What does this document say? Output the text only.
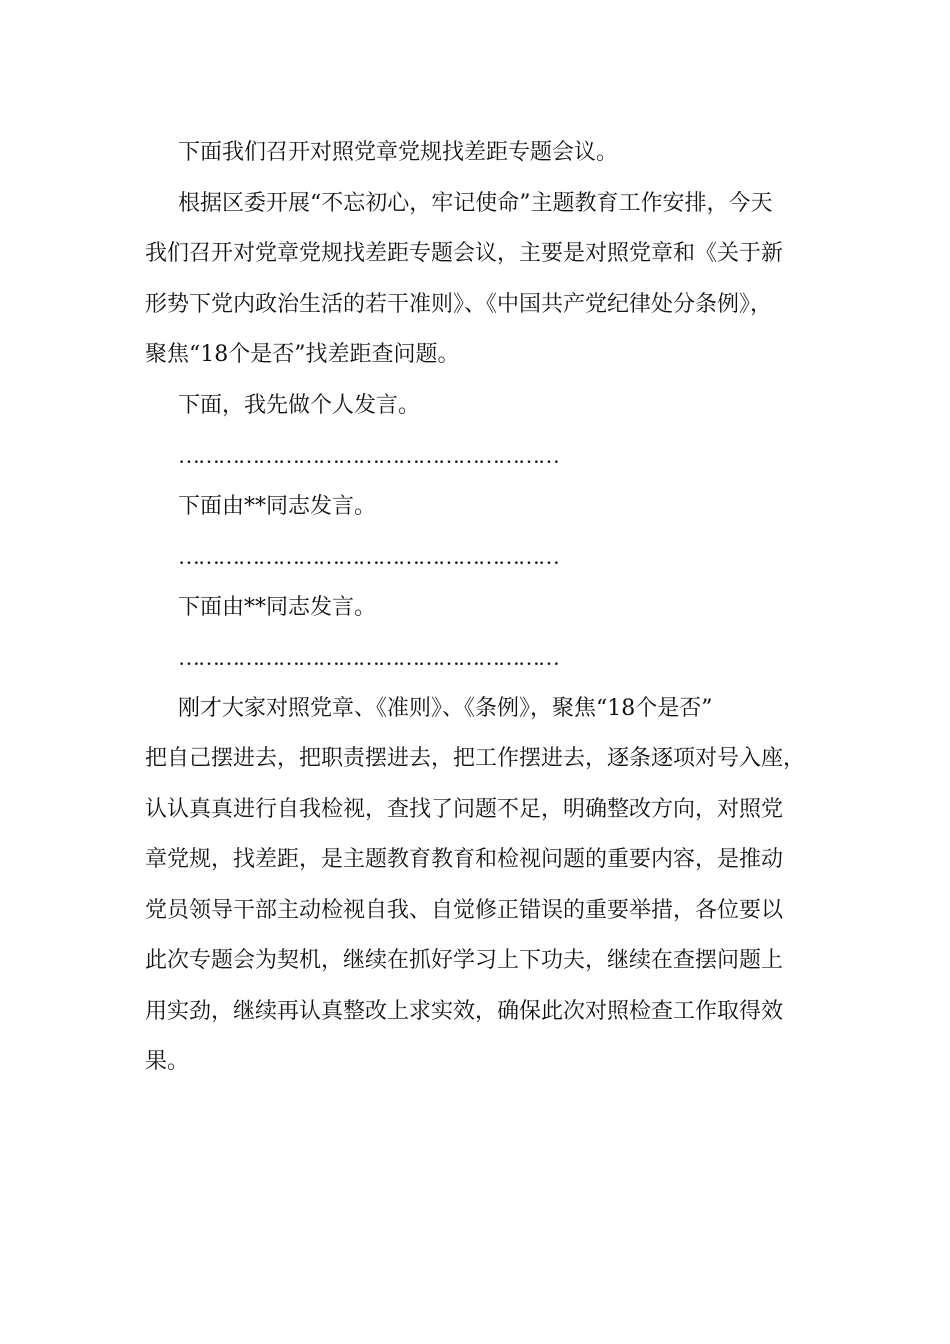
下面我们召开对照党章党规找差距专题会议。

根据区委开展“不忘初心，牢记使命”主题教育工作安排，今天
我们召开对党章党规找差距专题会议，主要是对照党章和《关于新
形势下党内政治生活的若干准则》、《中国共产党纪律处分条例》，
聚焦“18个是否”找差距查问题。

下面，我先做个人发言。

…………………………………………………

下面由**同志发言。

…………………………………………………

下面由**同志发言。

…………………………………………………

刚才大家对照党章、《准则》、《条例》，聚焦“18个是否”
把自己摆进去，把职责摆进去，把工作摆进去，逐条逐项对号入座，
认认真真进行自我检视，查找了问题不足，明确整改方向，对照党
章党规，找差距，是主题教育教育和检视问题的重要内容，是推动
党员领导干部主动检视自我、自觉修正错误的重要举措，各位要以
此次专题会为契机，继续在抓好学习上下功夫，继续在查摆问题上
用实劲，继续再认真整改上求实效，确保此次对照检查工作取得效
果。
